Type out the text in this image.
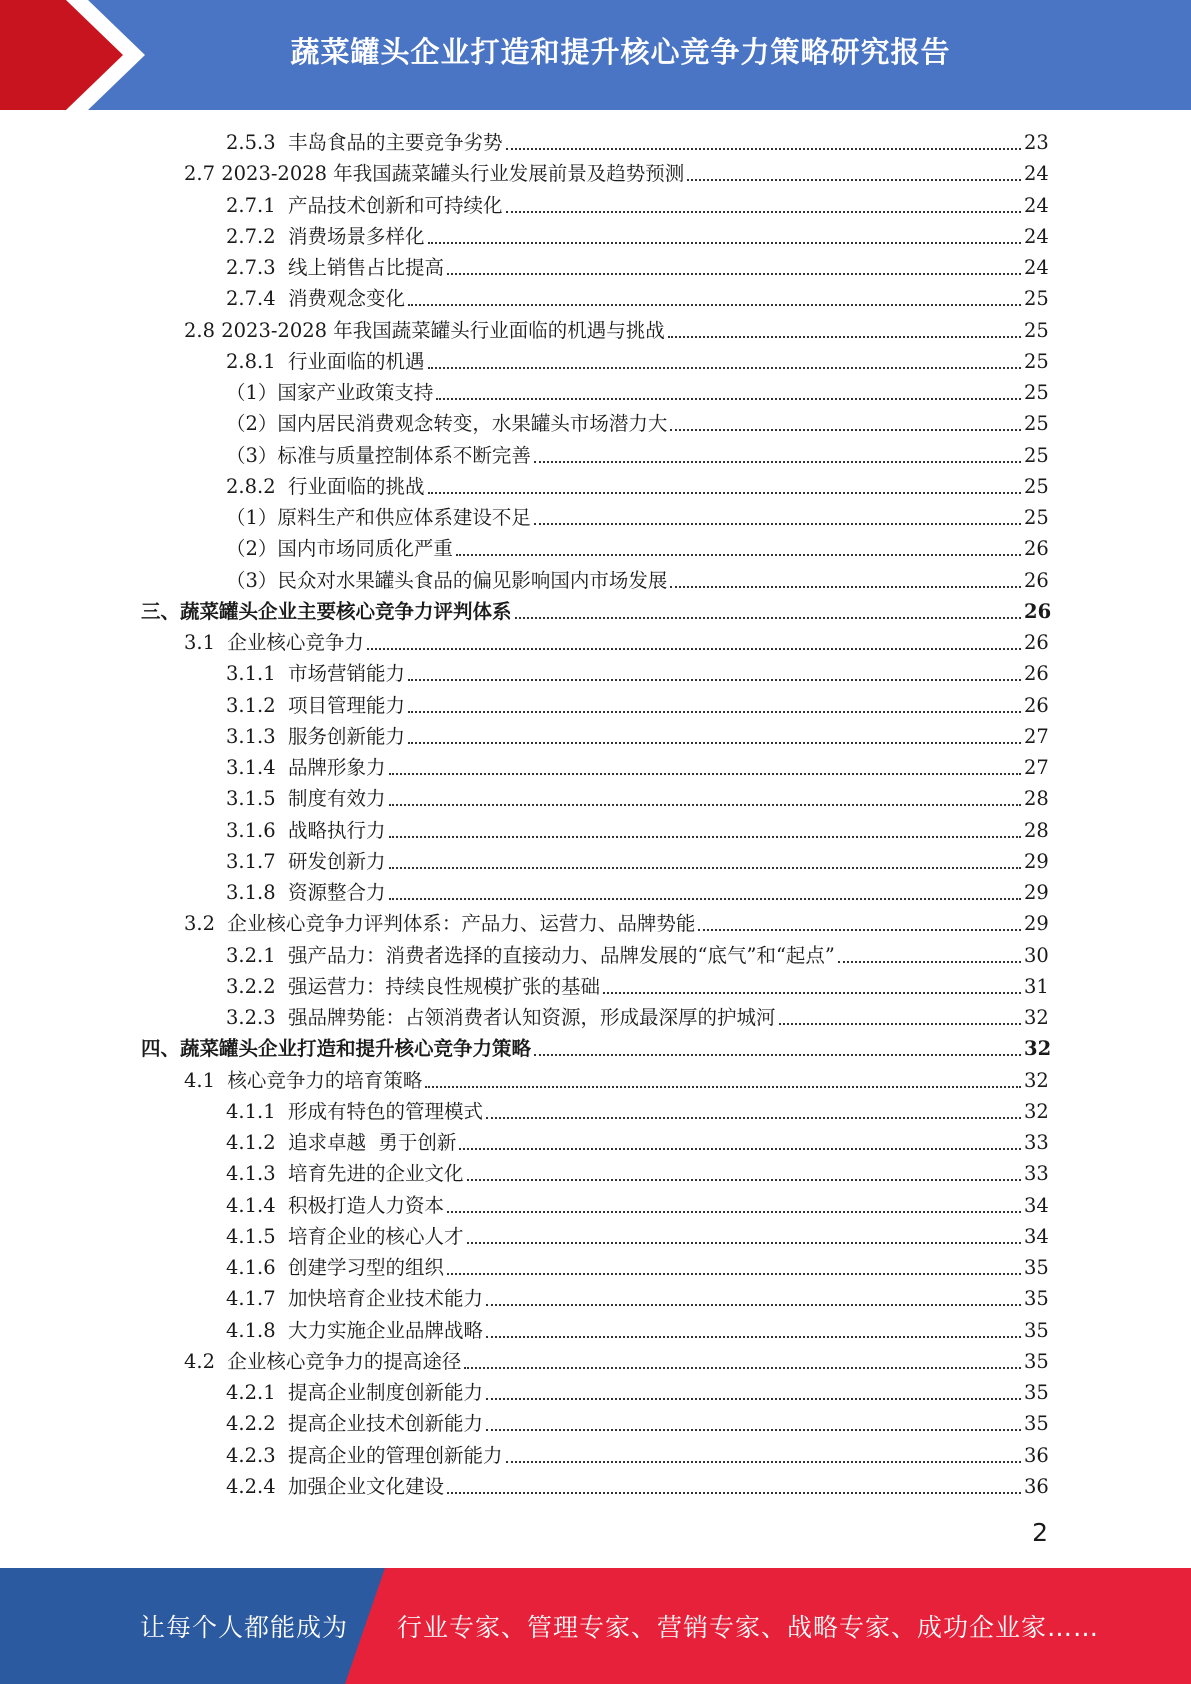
蔬菜罐头企业打造和提升核心竞争力策略研究报告
2.5.3 丰岛食品的主要竞争劣势	23
2.7 2023-2028 年我国蔬菜罐头行业发展前景及趋势预测	24
2.7.1 产品技术创新和可持续化	24
2.7.2 消费场景多样化	24
2.7.3 线上销售占比提高	24
2.7.4 消费观念变化	25
2.8 2023-2028 年我国蔬菜罐头行业面临的机遇与挑战	25
2.8.1 行业面临的机遇	25
（1） 国家产业政策支持	25
（2） 国内居民消费观念转变，水果罐头市场潜力大	25
（3） 标准与质量控制体系不断完善	25
2.8.2 行业面临的挑战	25
（1） 原料生产和供应体系建设不足	25
（2） 国内市场同质化严重	26
（3） 民众对水果罐头食品的偏见影响国内市场发展	26
三、 蔬菜罐头企业主要核心竞争力评判体系	26
3.1 企业核心竞争力	26
3.1.1 市场营销能力	26
3.1.2 项目管理能力	26
3.1.3 服务创新能力	27
3.1.4 品牌形象力	27
3.1.5 制度有效力	28
3.1.6 战略执行力	28
3.1.7 研发创新力	29
3.1.8 资源整合力	29
3.2 企业核心竞争力评判体系：产品力、运营力、品牌势能	29
3.2.1 强产品力：消费者选择的直接动力、品牌发展的“底气”和“起点”	30
3.2.2 强运营力：持续良性规模扩张的基础	31
3.2.3 强品牌势能：占领消费者认知资源，形成最深厚的护城河	32
四、 蔬菜罐头企业打造和提升核心竞争力策略	32
4.1 核心竞争力的培育策略	32
4.1.1 形成有特色的管理模式	32
4.1.2 追求卓越  勇于创新	33
4.1.3 培育先进的企业文化	33
4.1.4 积极打造人力资本	34
4.1.5 培育企业的核心人才	34
4.1.6 创建学习型的组织	35
4.1.7 加快培育企业技术能力	35
4.1.8 大力实施企业品牌战略	35
4.2 企业核心竞争力的提高途径	35
4.2.1 提高企业制度创新能力	35
4.2.2 提高企业技术创新能力	35
4.2.3 提高企业的管理创新能力	36
4.2.4 加强企业文化建设	36
2
让每个人都能成为 行业专家、管理专家、营销专家、战略专家、成功企业家……
